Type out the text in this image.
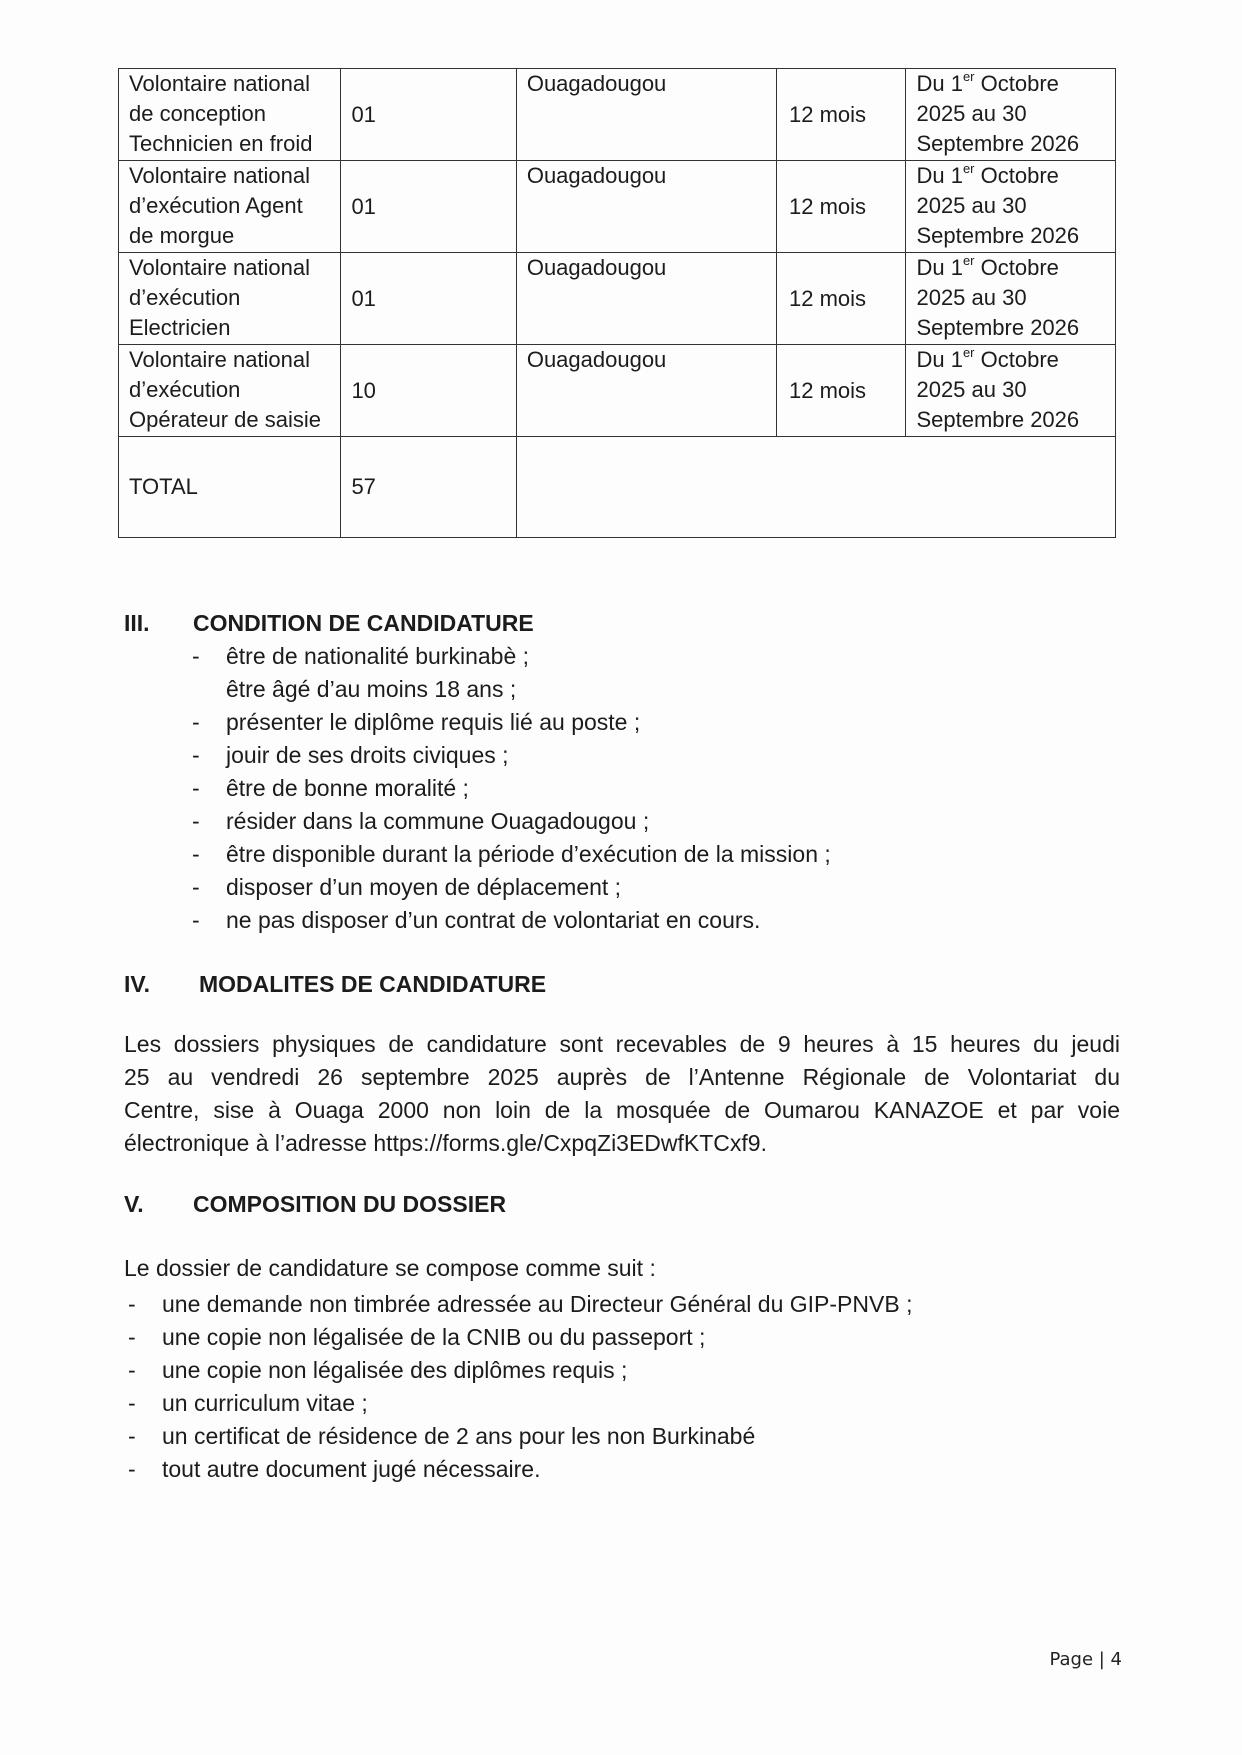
Volontaire national
de conception
Technicien en froid	01	Ouagadougou	12 mois	Du 1er Octobre
2025 au 30
Septembre 2026

Volontaire national
d’exécution Agent
de morgue	01	Ouagadougou	12 mois	Du 1er Octobre
2025 au 30
Septembre 2026

Volontaire national
d’exécution
Electricien	01	Ouagadougou	12 mois	Du 1er Octobre
2025 au 30
Septembre 2026

Volontaire national
d’exécution
Opérateur de saisie	10	Ouagadougou	12 mois	Du 1er Octobre
2025 au 30
Septembre 2026

TOTAL	57			
III. CONDITION DE CANDIDATURE
- être de nationalité burkinabè ;
être âgé d’au moins 18 ans ;
- présenter le diplôme requis lié au poste ;
- jouir de ses droits civiques ;
- être de bonne moralité ;
- résider dans la commune Ouagadougou ;
- être disponible durant la période d’exécution de la mission ;
- disposer d’un moyen de déplacement ;
- ne pas disposer d’un contrat de volontariat en cours.
IV. MODALITES DE CANDIDATURE
Les dossiers physiques de candidature sont recevables de 9 heures à 15 heures du jeudi
25 au vendredi 26 septembre 2025 auprès de l’Antenne Régionale de Volontariat du
Centre, sise à Ouaga 2000 non loin de la mosquée de Oumarou KANAZOE et par voie
électronique à l’adresse https://forms.gle/CxpqZi3EDwfKTCxf9.
V. COMPOSITION DU DOSSIER
Le dossier de candidature se compose comme suit :
- une demande non timbrée adressée au Directeur Général du GIP-PNVB ;
- une copie non légalisée de la CNIB ou du passeport ;
- une copie non légalisée des diplômes requis ;
- un curriculum vitae ;
- un certificat de résidence de 2 ans pour les non Burkinabé
- tout autre document jugé nécessaire.
Page | 4
